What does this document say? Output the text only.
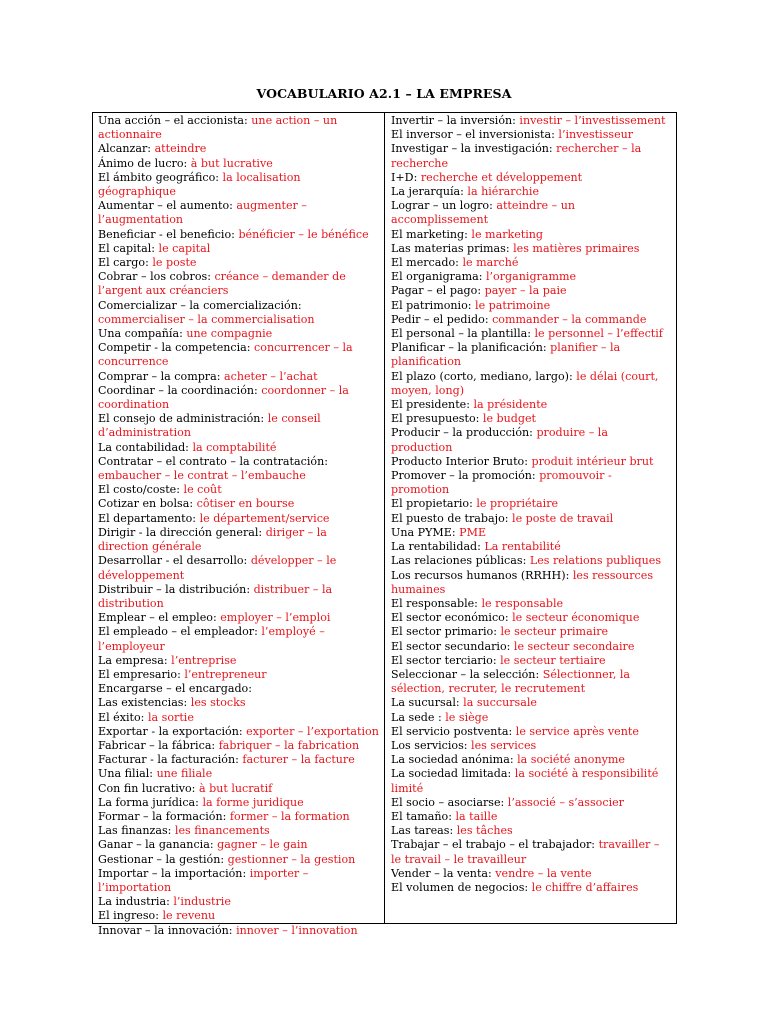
VOCABULARIO A2.1 – LA EMPRESA

Una acción – el accionista: une action – un actionnaire

Alcanzar: atteindre

Ánimo de lucro: à but lucrative

El ámbito geográfico: la localisation géographique

Aumentar – el aumento: augmenter – l’augmentation

Beneficiar - el beneficio: bénéficier – le bénéfice

El capital: le capital

El cargo: le poste

Cobrar – los cobros: créance – demander de l’argent aux créanciers

Comercializar – la comercialización: commercialiser – la commercialisation

Una compañía: une compagnie

Competir - la competencia: concurrencer – la concurrence

Comprar – la compra: acheter – l’achat

Coordinar – la coordinación: coordonner – la coordination

El consejo de administración: le conseil d’administration

La contabilidad: la comptabilité

Contratar – el contrato – la contratación: embaucher – le contrat – l’embauche

El costo/coste: le coût

Cotizar en bolsa: côtiser en bourse

El departamento: le département/service

Dirigir - la dirección general: diriger – la direction générale

Desarrollar - el desarrollo: développer – le développement

Distribuir – la distribución: distribuer – la distribution

Emplear – el empleo: employer – l’emploi

El empleado – el empleador: l’employé – l’employeur

La empresa: l’entreprise

El empresario: l’entrepreneur

Encargarse – el encargado:

Las existencias: les stocks

El éxito: la sortie

Exportar - la exportación: exporter – l’exportation

Fabricar – la fábrica: fabriquer – la fabrication

Facturar - la facturación: facturer – la facture

Una filial: une filiale

Con fin lucrativo: à but lucratif

La forma jurídica: la forme juridique

Formar – la formación: former – la formation

Las finanzas: les financements

Ganar – la ganancia: gagner – le gain

Gestionar – la gestión: gestionner – la gestion

Importar – la importación: importer – l’importation

La industria: l’industrie

El ingreso: le revenu

Innovar – la innovación: innover – l’innovation

Invertir – la inversión: investir – l’investissement

El inversor – el inversionista: l’investisseur

Investigar – la investigación: rechercher – la recherche

I+D: recherche et développement

La jerarquía: la hiérarchie

Lograr – un logro: atteindre – un accomplissement

El marketing: le marketing

Las materias primas: les matières primaires

El mercado: le marché

El organigrama: l’organigramme

Pagar – el pago: payer – la paie

El patrimonio: le patrimoine

Pedir – el pedido: commander – la commande

El personal – la plantilla: le personnel – l’effectif

Planificar – la planificación: planifier – la planification

El plazo (corto, mediano, largo): le délai (court, moyen, long)

El presidente: la présidente

El presupuesto: le budget

Producir – la producción: produire – la production

Producto Interior Bruto: produit intérieur brut

Promover – la promoción: promouvoir - promotion

El propietario: le propriétaire

El puesto de trabajo: le poste de travail

Una PYME: PME

La rentabilidad: La rentabilité

Las relaciones públicas: Les relations publiques

Los recursos humanos (RRHH): les ressources humaines

El responsable: le responsable

El sector económico: le secteur économique

El sector primario: le secteur primaire

El sector secundario: le secteur secondaire

El sector terciario: le secteur tertiaire

Seleccionar – la selección: Sélectionner, la sélection, recruter, le recrutement

La sucursal: la succursale

La sede : le siège

El servicio postventa: le service après vente

Los servicios: les services

La sociedad anónima: la société anonyme

La sociedad limitada: la société à responsibilité limité

El socio – asociarse: l’associé – s’associer

El tamaño: la taille

Las tareas: les tâches

Trabajar – el trabajo – el trabajador: travailler – le travail – le travailleur

Vender – la venta: vendre – la vente

El volumen de negocios: le chiffre d’affaires
